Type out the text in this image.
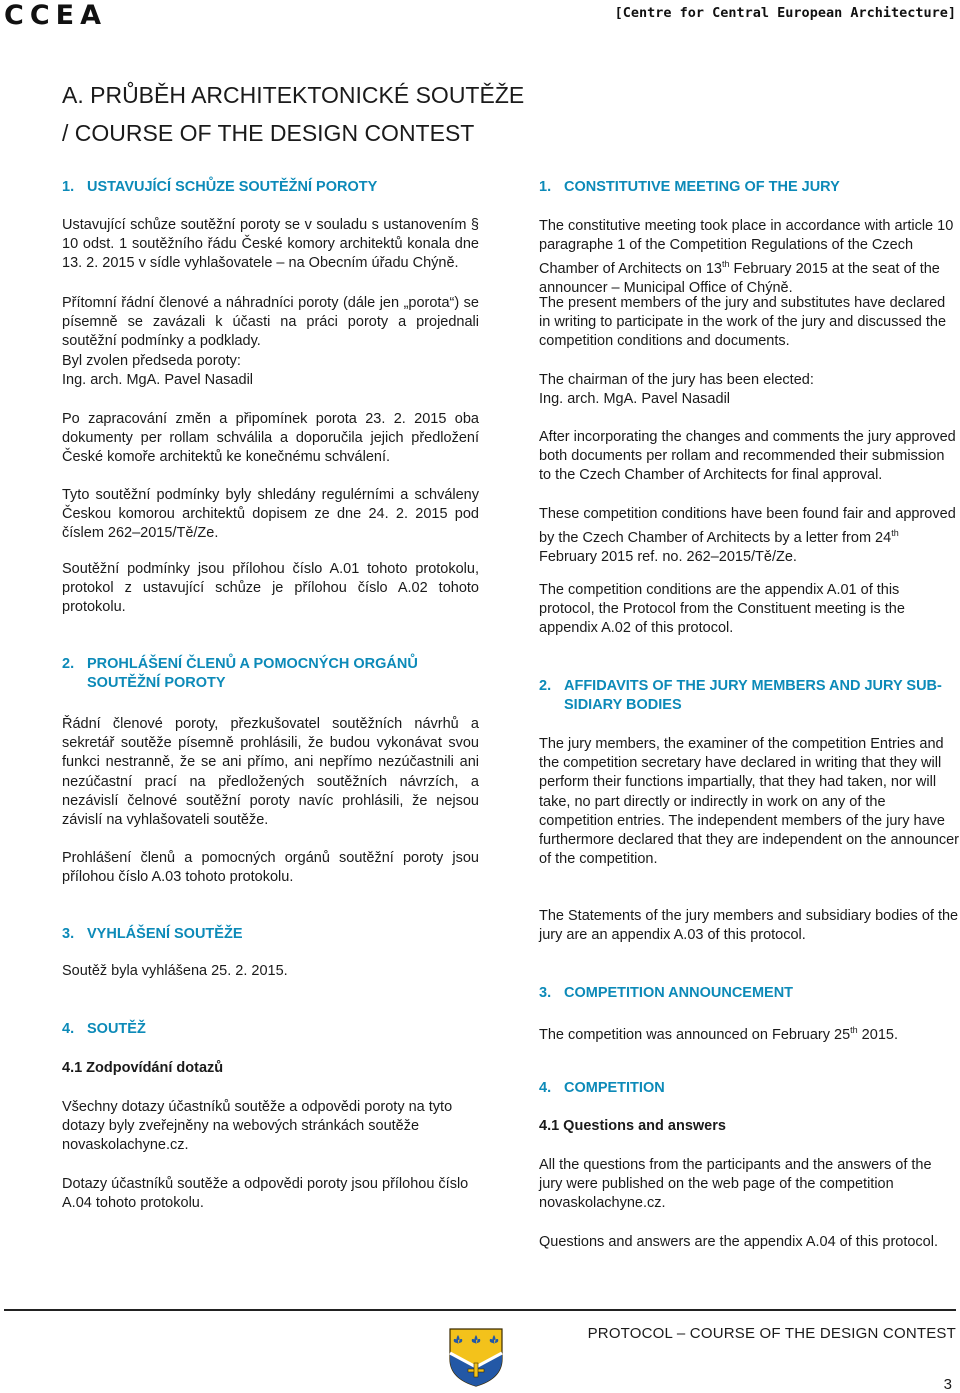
CCEA	[Centre for Central European Architecture]
A. PRŮBĚH ARCHITEKTONICKÉ SOUTĚŽE
/ COURSE OF THE DESIGN CONTEST
1. USTAVUJÍCÍ SCHŮZE SOUTĚŽNÍ POROTY
Ustavující schůze soutěžní poroty se v souladu s ustanovením § 10 odst. 1 soutěžního řádu České komory architektů konala dne 13. 2. 2015 v sídle vyhlašovatele – na Obecním úřadu Chýně.
Přítomní řádní členové a náhradníci poroty (dále jen „porota“) se písemně se zavázali k účasti na práci poroty a projednali soutěžní podmínky a podklady.
Byl zvolen předseda poroty:
Ing. arch. MgA. Pavel Nasadil
Po zapracování změn a připomínek porota 23. 2. 2015 oba dokumenty per rollam schválila a doporučila jejich předložení České komoře architektů ke konečnému schválení.
Tyto soutěžní podmínky byly shledány regulérními a schváleny Českou komorou architektů dopisem ze dne 24. 2. 2015 pod číslem 262–2015/Tě/Ze.
Soutěžní podmínky jsou přílohou číslo A.01 tohoto protokolu, protokol z ustavující schůze je přílohou číslo A.02 tohoto protokolu.
2. PROHLÁŠENÍ ČLENŮ A POMOCNÝCH ORGÁNŮ
SOUTĚŽNÍ POROTY
Řádní členové poroty, přezkušovatel soutěžních návrhů a sekretář soutěže písemně prohlásili, že budou vykonávat svou funkci nestranně, že se ani přímo, ani nepřímo nezúčastnili ani nezúčastní prací na předložených soutěžních návrzích, a nezávislí čelnové soutěžní poroty navíc prohlásili, že nejsou závislí na vyhlašovateli soutěže.
Prohlášení členů a pomocných orgánů soutěžní poroty jsou přílohou číslo A.03 tohoto protokolu.
3. VYHLÁŠENÍ SOUTĚŽE
Soutěž byla vyhlášena 25. 2. 2015.
4. SOUTĚŽ
4.1 Zodpovídání dotazů
Všechny dotazy účastníků soutěže a odpovědi poroty na tyto dotazy byly zveřejněny na webových stránkách soutěže novaskolachyne.cz.
Dotazy účastníků soutěže a odpovědi poroty jsou přílohou číslo A.04 tohoto protokolu.
1. CONSTITUTIVE MEETING OF THE JURY
The constitutive meeting took place in accordance with article 10 paragraphe 1 of the Competition Regulations of the Czech Chamber of Architects on 13th February 2015 at the seat of the announcer – Municipal Office of Chýně.
The present members of the jury and substitutes have declared in writing to participate in the work of the jury and discussed the competition conditions and documents.
The chairman of the jury has been elected:
Ing. arch. MgA. Pavel Nasadil
After incorporating the changes and comments the jury approved both documents per rollam and recommended their submission to the Czech Chamber of Architects for final approval.
These competition conditions have been found fair and approved by the Czech Chamber of Architects by a letter from 24th February 2015 ref. no. 262–2015/Tě/Ze.
The competition conditions are the appendix A.01 of this protocol, the Protocol from the Constituent meeting is the appendix A.02 of this protocol.
2. AFFIDAVITS OF THE JURY MEMBERS AND JURY SUB-
SIDIARY BODIES
The jury members, the examiner of the competition Entries and the competition secretary have declared in writing that they will perform their functions impartially, that they had taken, nor will take, no part directly or indirectly in work on any of the competition entries. The independent members of the jury have furthermore declared that they are independent on the announcer of the competition.
The Statements of the jury members and subsidiary bodies of the jury are an appendix A.03 of this protocol.
3. COMPETITION ANNOUNCEMENT
The competition was announced on February 25th 2015.
4. COMPETITION
4.1 Questions and answers
All the questions from the participants and the answers of the jury were published on the web page of the competition novaskolachyne.cz.
Questions and answers are the appendix A.04 of this protocol.
PROTOCOL – COURSE OF THE DESIGN CONTEST
3
